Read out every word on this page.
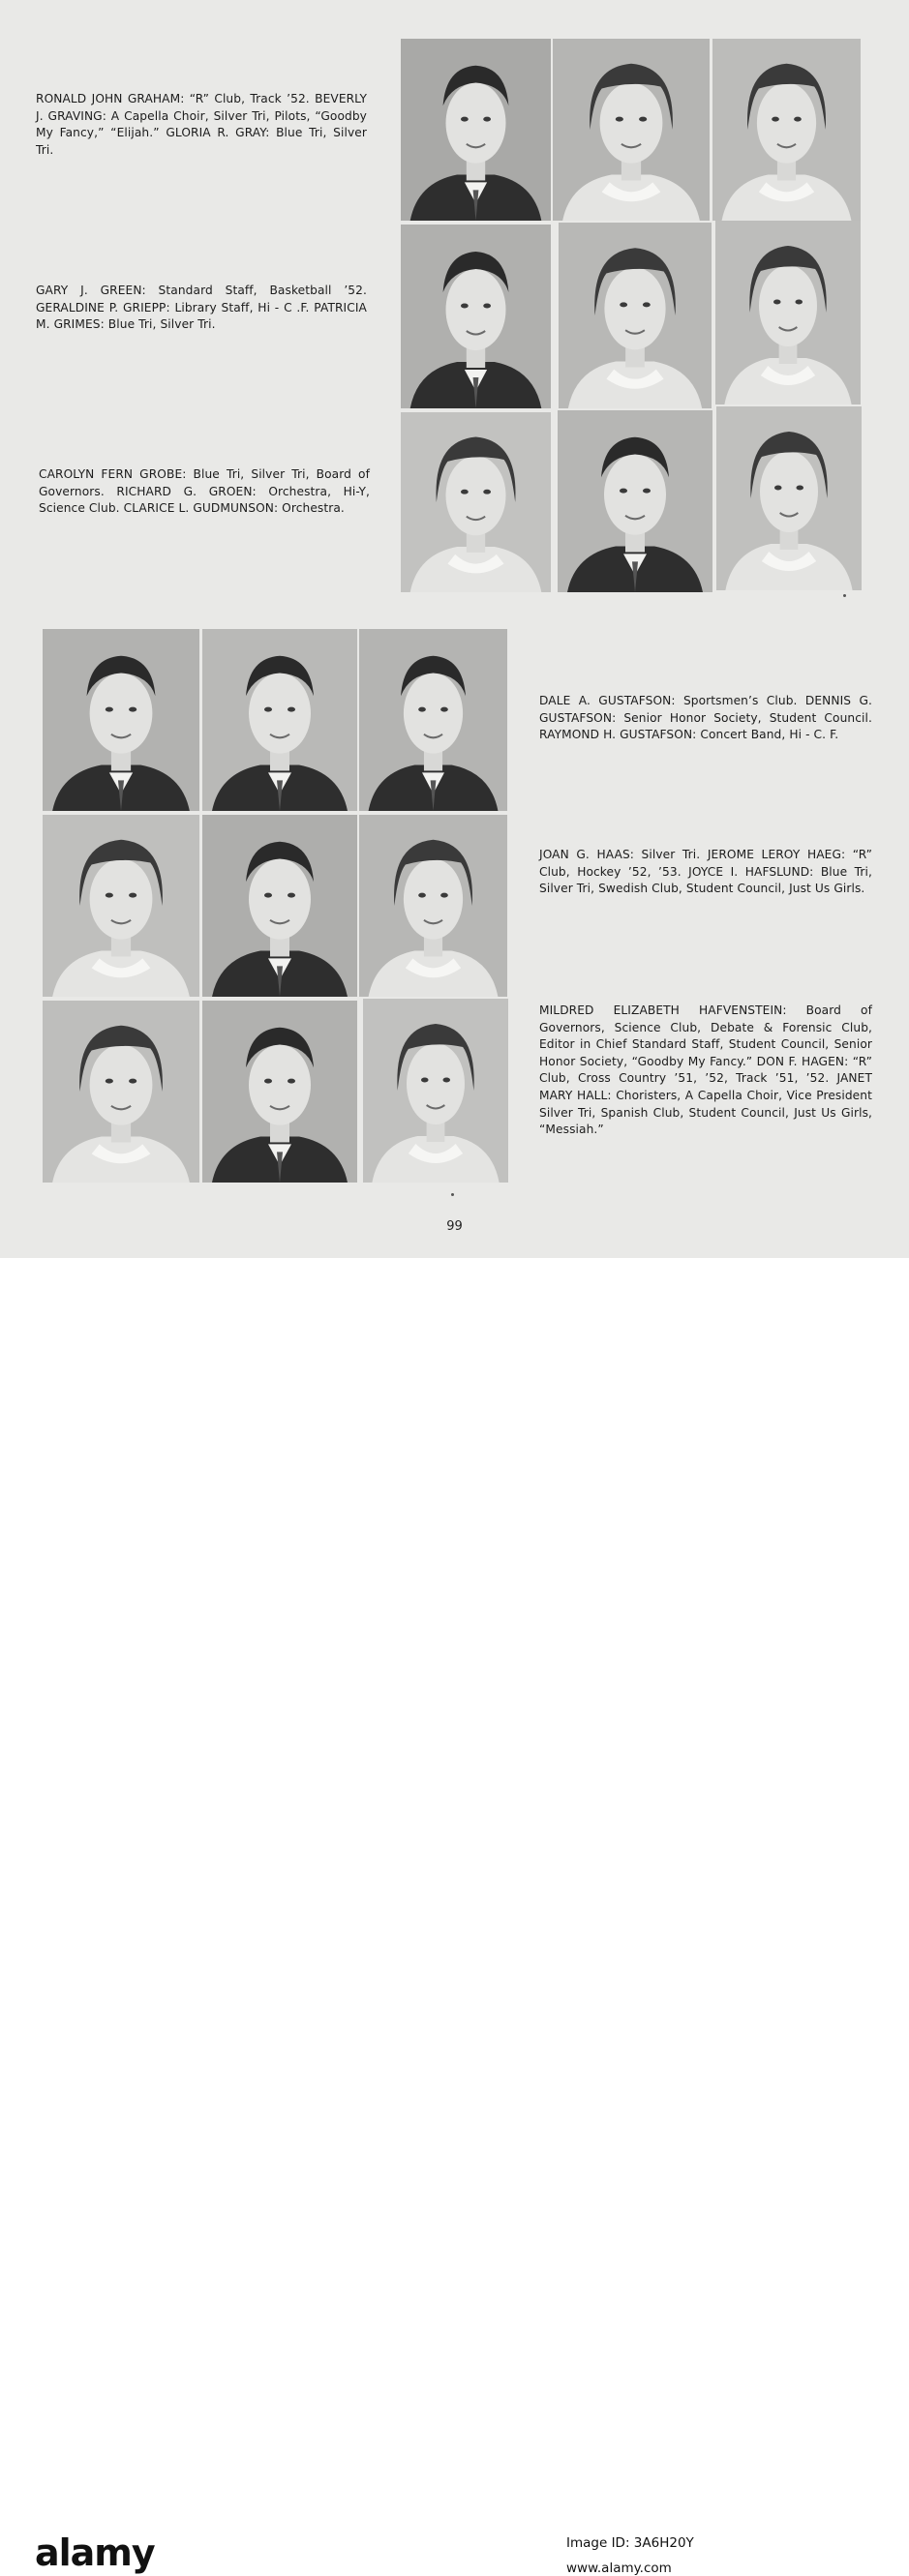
RONALD JOHN GRAHAM: “R” Club, Track ’52. BEVERLY J. GRAVING: A Capella Choir, Silver Tri, Pilots, “Goodby My Fancy,” “Elijah.” GLORIA R. GRAY: Blue Tri, Silver Tri.
GARY J. GREEN: Standard Staff, Basketball ’52. GERALDINE P. GRIEPP: Library Staff, Hi - C .F. PATRICIA M. GRIMES: Blue Tri, Silver Tri.
CAROLYN FERN GROBE: Blue Tri, Silver Tri, Board of Governors. RICHARD G. GROEN: Orchestra, Hi-Y, Science Club. CLARICE L. GUDMUNSON: Orchestra.
DALE A. GUSTAFSON: Sportsmen’s Club. DENNIS G. GUSTAFSON: Senior Honor Society, Student Council. RAYMOND H. GUSTAFSON: Concert Band, Hi - C. F.
JOAN G. HAAS: Silver Tri. JEROME LEROY HAEG: “R” Club, Hockey ’52, ’53. JOYCE I. HAFSLUND: Blue Tri, Silver Tri, Swedish Club, Student Council, Just Us Girls.
MILDRED ELIZABETH HAFVENSTEIN: Board of Governors, Science Club, Debate & Forensic Club, Editor in Chief Standard Staff, Student Council, Senior Honor Society, “Goodby My Fancy.” DON F. HAGEN: “R” Club, Cross Country ’51, ’52, Track ’51, ’52. JANET MARY HALL: Choristers, A Capella Choir, Vice President Silver Tri, Spanish Club, Student Council, Just Us Girls, “Messiah.”
99
alamy	Image ID: 3A6H20Y
www.alamy.com
